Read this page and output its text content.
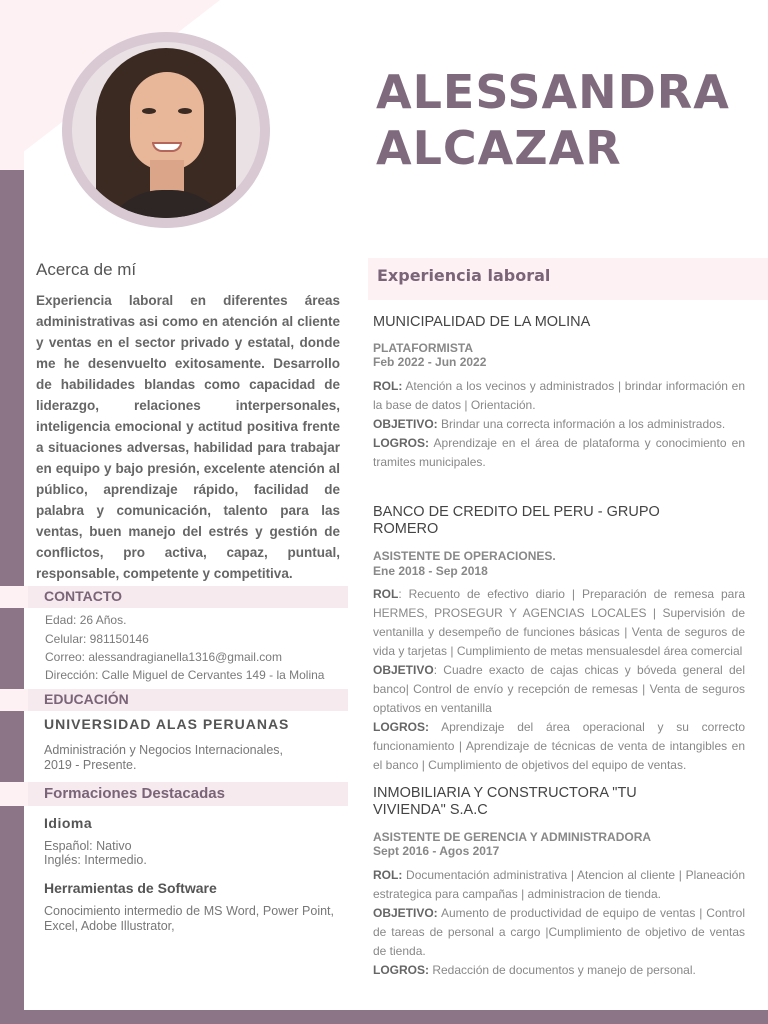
ALESSANDRA
ALCAZAR
Acerca de mí
Experiencia laboral en diferentes áreas administrativas asi como en atención al cliente y ventas en el sector privado y estatal, donde me he desenvuelto exitosamente. Desarrollo de habilidades blandas como capacidad de liderazgo, relaciones interpersonales, inteligencia emocional y actitud positiva frente a situaciones adversas, habilidad para trabajar en equipo y bajo presión, excelente atención al público, aprendizaje rápido, facilidad de palabra y comunicación, talento para las ventas, buen manejo del estrés y gestión de conflictos, pro activa, capaz, puntual, responsable, competente y competitiva.
CONTACTO
Edad: 26 Años.
Celular: 981150146
Correo: alessandragianella1316@gmail.com
Dirección: Calle Miguel de Cervantes 149 - la Molina
EDUCACIÓN
UNIVERSIDAD ALAS PERUANAS
Administración y Negocios Internacionales, 2019 - Presente.
Formaciones Destacadas
Idioma
Español: Nativo
Inglés: Intermedio.
Herramientas de Software
Conocimiento intermedio de MS Word, Power Point, Excel, Adobe Illustrator,
Experiencia laboral
MUNICIPALIDAD DE LA MOLINA
PLATAFORMISTA
Feb 2022 - Jun 2022
ROL: Atención a los vecinos y administrados | brindar información en la base de datos | Orientación.
OBJETIVO: Brindar una correcta información a los administrados.
LOGROS: Aprendizaje en el área de plataforma y conocimiento en tramites municipales.
BANCO DE CREDITO DEL PERU - GRUPO ROMERO
ASISTENTE DE OPERACIONES.
Ene 2018 - Sep 2018
ROL: Recuento de efectivo diario | Preparación de remesa para HERMES, PROSEGUR Y AGENCIAS LOCALES | Supervisión de ventanilla y desempeño de funciones básicas | Venta de seguros de vida y tarjetas | Cumplimiento de metas mensualesdel área comercial
OBJETIVO: Cuadre exacto de cajas chicas y bóveda general del banco| Control de envío y recepción de remesas | Venta de seguros optativos en ventanilla
LOGROS: Aprendizaje del área operacional y su correcto funcionamiento | Aprendizaje de técnicas de venta de intangibles en el banco | Cumplimiento de objetivos del equipo de ventas.
INMOBILIARIA Y CONSTRUCTORA "TU VIVIENDA" S.A.C
ASISTENTE DE GERENCIA Y ADMINISTRADORA
Sept 2016 - Agos 2017
ROL: Documentación administrativa | Atencion al cliente | Planeación estrategica para campañas | administracion de tienda.
OBJETIVO: Aumento de productividad de equipo de ventas | Control de tareas de personal a cargo |Cumplimiento de objetivo de ventas de tienda.
LOGROS: Redacción de documentos y manejo de personal.
